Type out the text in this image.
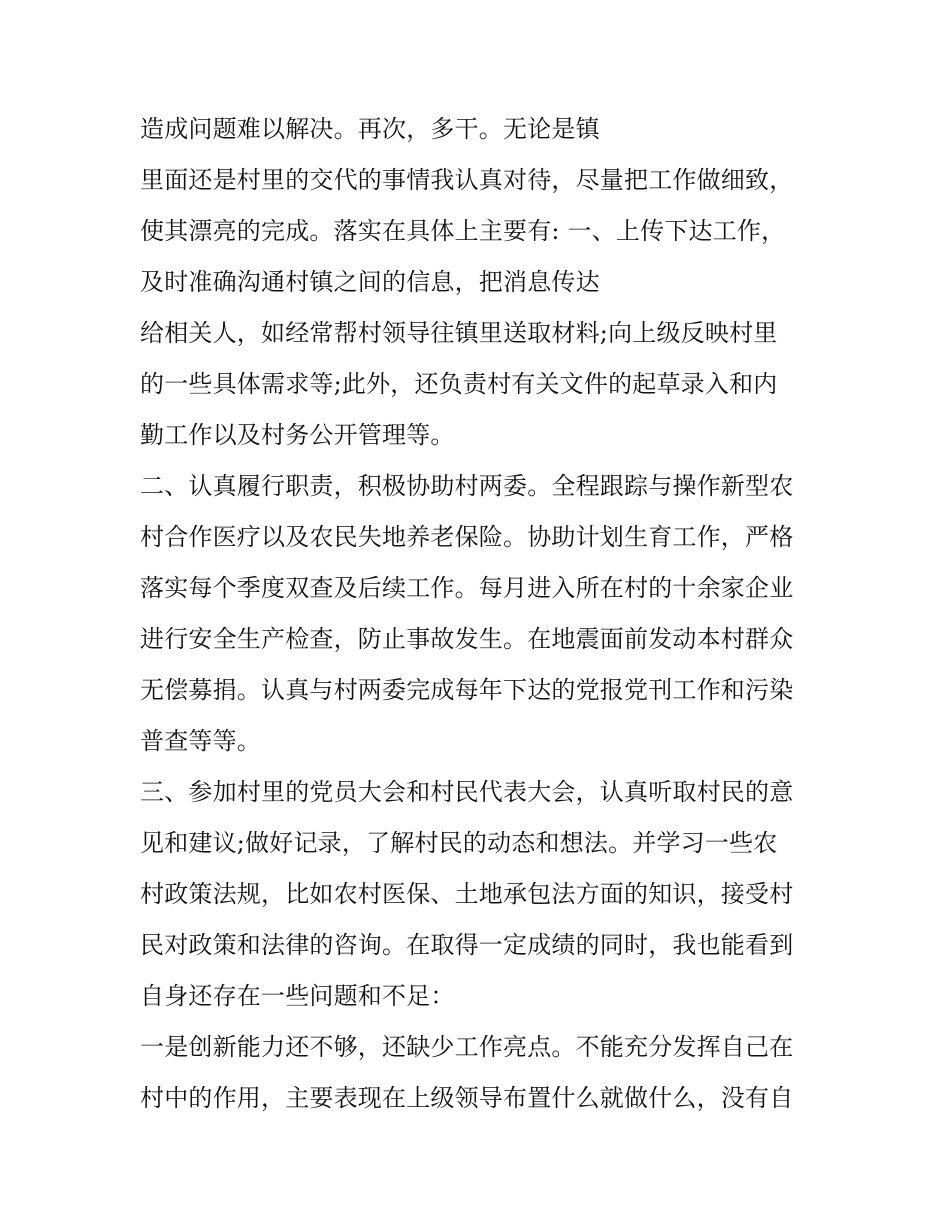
造成问题难以解决。再次，多干。无论是镇
里面还是村里的交代的事情我认真对待，尽量把工作做细致，
使其漂亮的完成。落实在具体上主要有: 一、上传下达工作，
及时准确沟通村镇之间的信息，把消息传达
给相关人，如经常帮村领导往镇里送取材料;向上级反映村里
的一些具体需求等;此外，还负责村有关文件的起草录入和内
勤工作以及村务公开管理等。
二、认真履行职责，积极协助村两委。全程跟踪与操作新型农
村合作医疗以及农民失地养老保险。协助计划生育工作，严格
落实每个季度双查及后续工作。每月进入所在村的十余家企业
进行安全生产检查，防止事故发生。在地震面前发动本村群众
无偿募捐。认真与村两委完成每年下达的党报党刊工作和污染
普查等等。
三、参加村里的党员大会和村民代表大会，认真听取村民的意
见和建议;做好记录，了解村民的动态和想法。并学习一些农
村政策法规，比如农村医保、土地承包法方面的知识，接受村
民对政策和法律的咨询。在取得一定成绩的同时，我也能看到
自身还存在一些问题和不足：
一是创新能力还不够，还缺少工作亮点。不能充分发挥自己在
村中的作用，主要表现在上级领导布置什么就做什么，没有自
